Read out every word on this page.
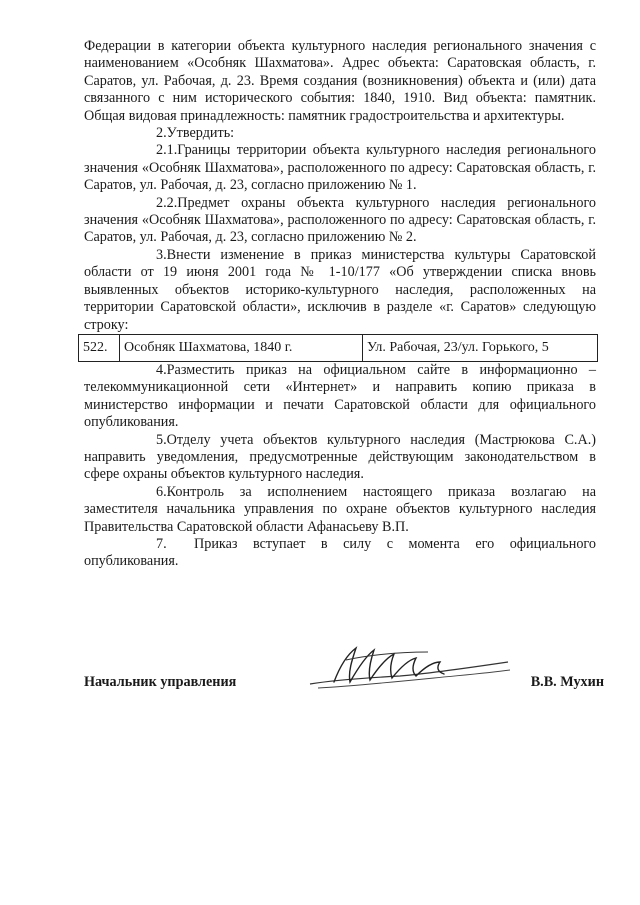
Федерации в категории объекта культурного наследия регионального значения с наименованием «Особняк Шахматова». Адрес объекта: Саратовская область, г. Саратов, ул. Рабочая, д. 23. Время создания (возникновения) объекта и (или) дата связанного с ним исторического события: 1840, 1910. Вид объекта: памятник. Общая видовая принадлежность: памятник градостроительства и архитектуры.

2.Утвердить:

2.1.Границы территории объекта культурного наследия регионального значения «Особняк Шахматова», расположенного по адресу: Саратовская область, г. Саратов, ул. Рабочая, д. 23, согласно приложению № 1.

2.2.Предмет охраны объекта культурного наследия регионального значения «Особняк Шахматова», расположенного по адресу: Саратовская область, г. Саратов, ул. Рабочая, д. 23, согласно приложению № 2.

3.Внести изменение в приказ министерства культуры Саратовской области от 19 июня 2001 года № 1-10/177 «Об утверждении списка вновь выявленных объектов историко-культурного наследия, расположенных на территории Саратовской области», исключив в разделе «г. Саратов» следующую строку:

522.	Особняк Шахматова, 1840 г.	Ул. Рабочая, 23/ул. Горького, 5

4.Разместить приказ на официальном сайте в информационно – телекоммуникационной сети «Интернет» и направить копию приказа в министерство информации и печати Саратовской области для официального опубликования.

5.Отделу учета объектов культурного наследия (Мастрюкова С.А.) направить уведомления, предусмотренные действующим законодательством в сфере охраны объектов культурного наследия.

6.Контроль за исполнением настоящего приказа возлагаю на заместителя начальника управления по охране объектов культурного наследия Правительства Саратовской области Афанасьеву В.П.

7. Приказ вступает в силу с момента его официального опубликования.

Начальник управления	В.В. Мухин
